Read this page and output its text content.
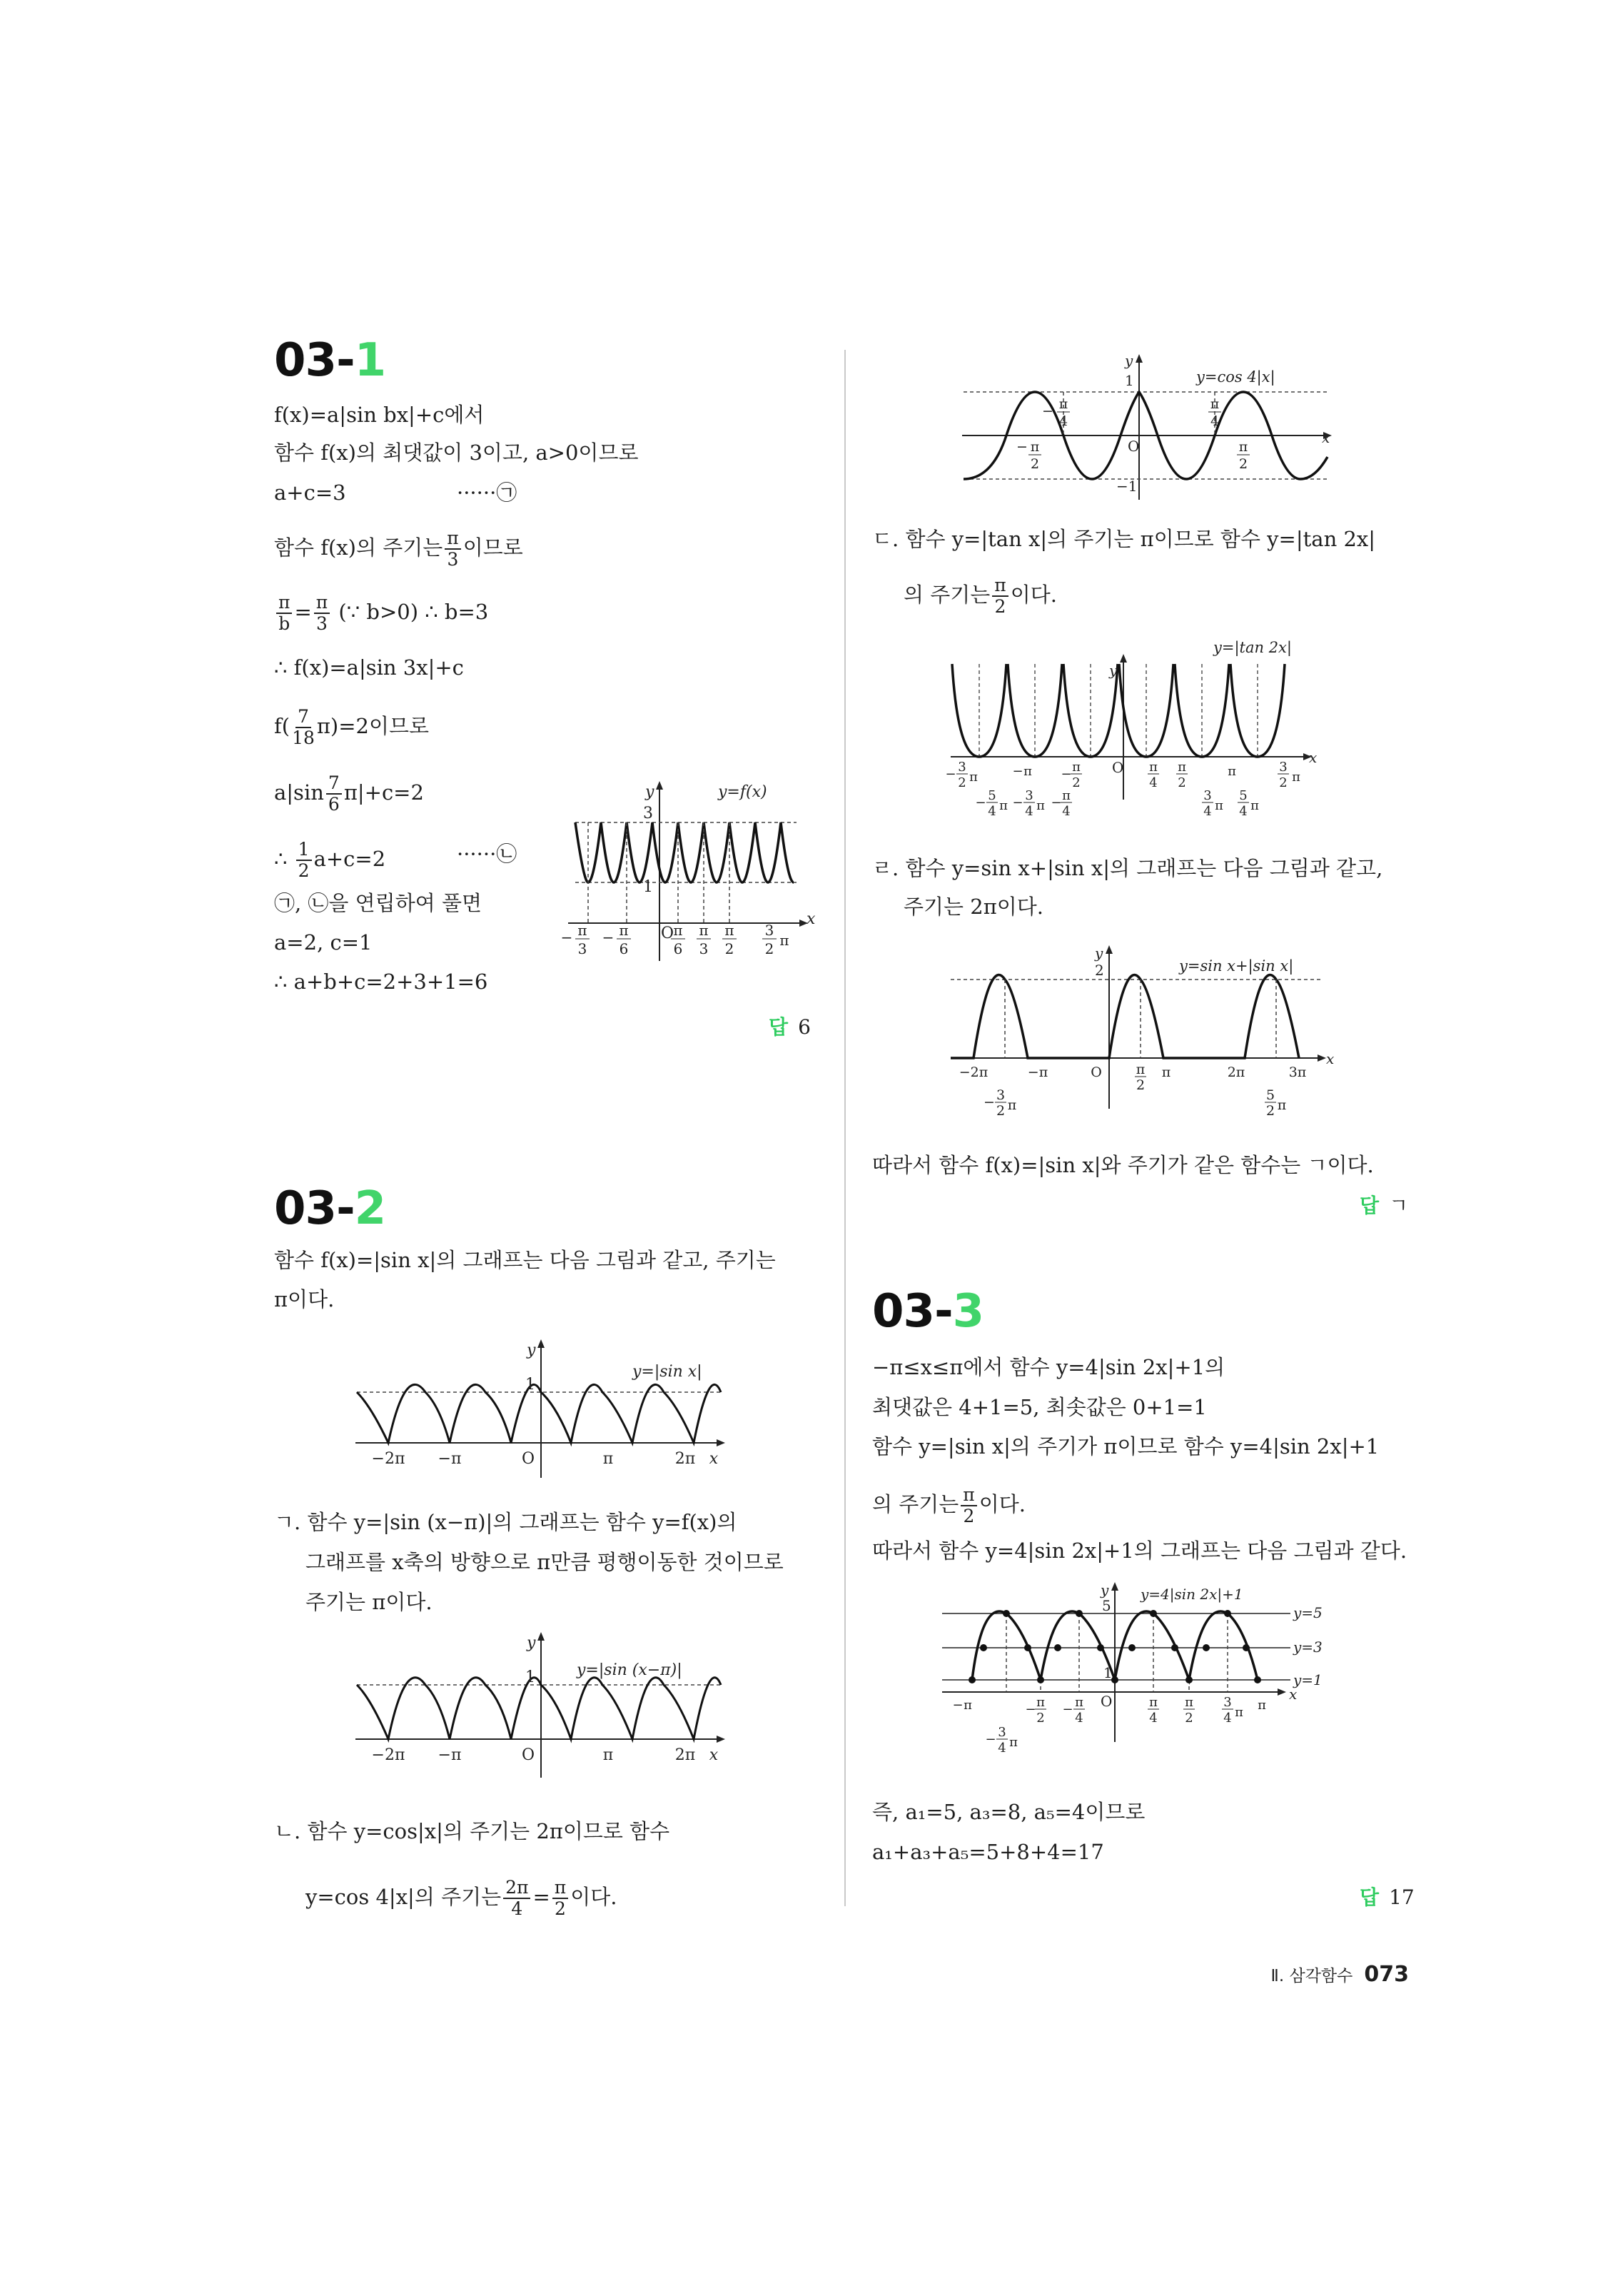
03-1
f(x)=a|sin bx|+c에서
함수 f(x)의 최댓값이 3이고, a>0이므로
a+c=3	······㉠
함수 f(x)의 주기는 $\frac{\pi}{3}$ 이므로
$\frac{\pi}{b} = \frac{\pi}{3}$ (∵ b>0) ∴ b=3
∴ f(x)=a|sin 3x|+c
$f( \frac{7}{18} \pi)=2$이므로
$a|\sin \frac{7}{6} \pi|+c=2$
∴ $\frac{1}{2} a+c=2$	······㉡
㉠, ㉡을 연립하여 풀면
a=2, c=1
∴ a+b+c=2+3+1=6
답 6
y
x
y=f(x)
3
1
O
− π
3
− π
6
π
6
π
3
π
2
3
2 π
03-2
함수 f(x)=|sin x|의 그래프는 다음 그림과 같고, 주기는
π이다.
y
1
y=|sin x|
−2π −π	O	π	2π x
ㄱ. 함수 y=|sin (x−π)|의 그래프는 함수 y=f(x)의
그래프를 x축의 방향으로 π만큼 평행이동한 것이므로
주기는 π이다.
y
1	y=|sin (x−π)|
−2π −π	O	π	2π x
ㄴ. 함수 y=cos|x|의 주기는 2π이므로 함수
y=cos 4|x|의 주기는 $\frac{2\pi}{4} = \frac{\pi}{2}$ 이다.
y
1	y=cos 4|x|
−1
O	x
− π
4
π
4
− π
2
π
2
ㄷ. 함수 y=|tan x|의 주기는 π이므로 함수 y=|tan 2x|
의 주기는 $\frac{\pi}{2}$ 이다.
y=|tan 2x|
y
x
O
− 3
2 π	− π − π
2
π
4
π
2
π	3
2 π
− 5
4 π − 3
4 π − π
4
3
4 π
5
4 π
ㄹ. 함수 y=sin x+|sin x|의 그래프는 다음 그림과 같고,
주기는 2π이다.
y
2	y=sin x+|sin x|
x
−2π	−π	O	π
2
π	2π	3π
− 3
2 π
5
2 π
따라서 함수 f(x)=|sin x|와 주기가 같은 함수는 ㄱ이다.
답 ㄱ
03-3
−π≤x≤π에서 함수 y=4|sin 2x|+1의
최댓값은 4+1=5, 최솟값은 0+1=1
함수 y=|sin x|의 주기가 π이므로 함수 y=4|sin 2x|+1
의 주기는 $\frac{\pi}{2}$ 이다.
따라서 함수 y=4|sin 2x|+1의 그래프는 다음 그림과 같다.
y
5
1
y=4|sin 2x|+1
y=5
y=3
y=1
x
O
− π	− π
2
− π
4
π
4
π
2
3
4 π π
− 3
4 π
즉, a₁=5, a₃=8, a₅=4이므로
a₁+a₃+a₅=5+8+4=17
답 17
Ⅱ. 삼각함수 073
